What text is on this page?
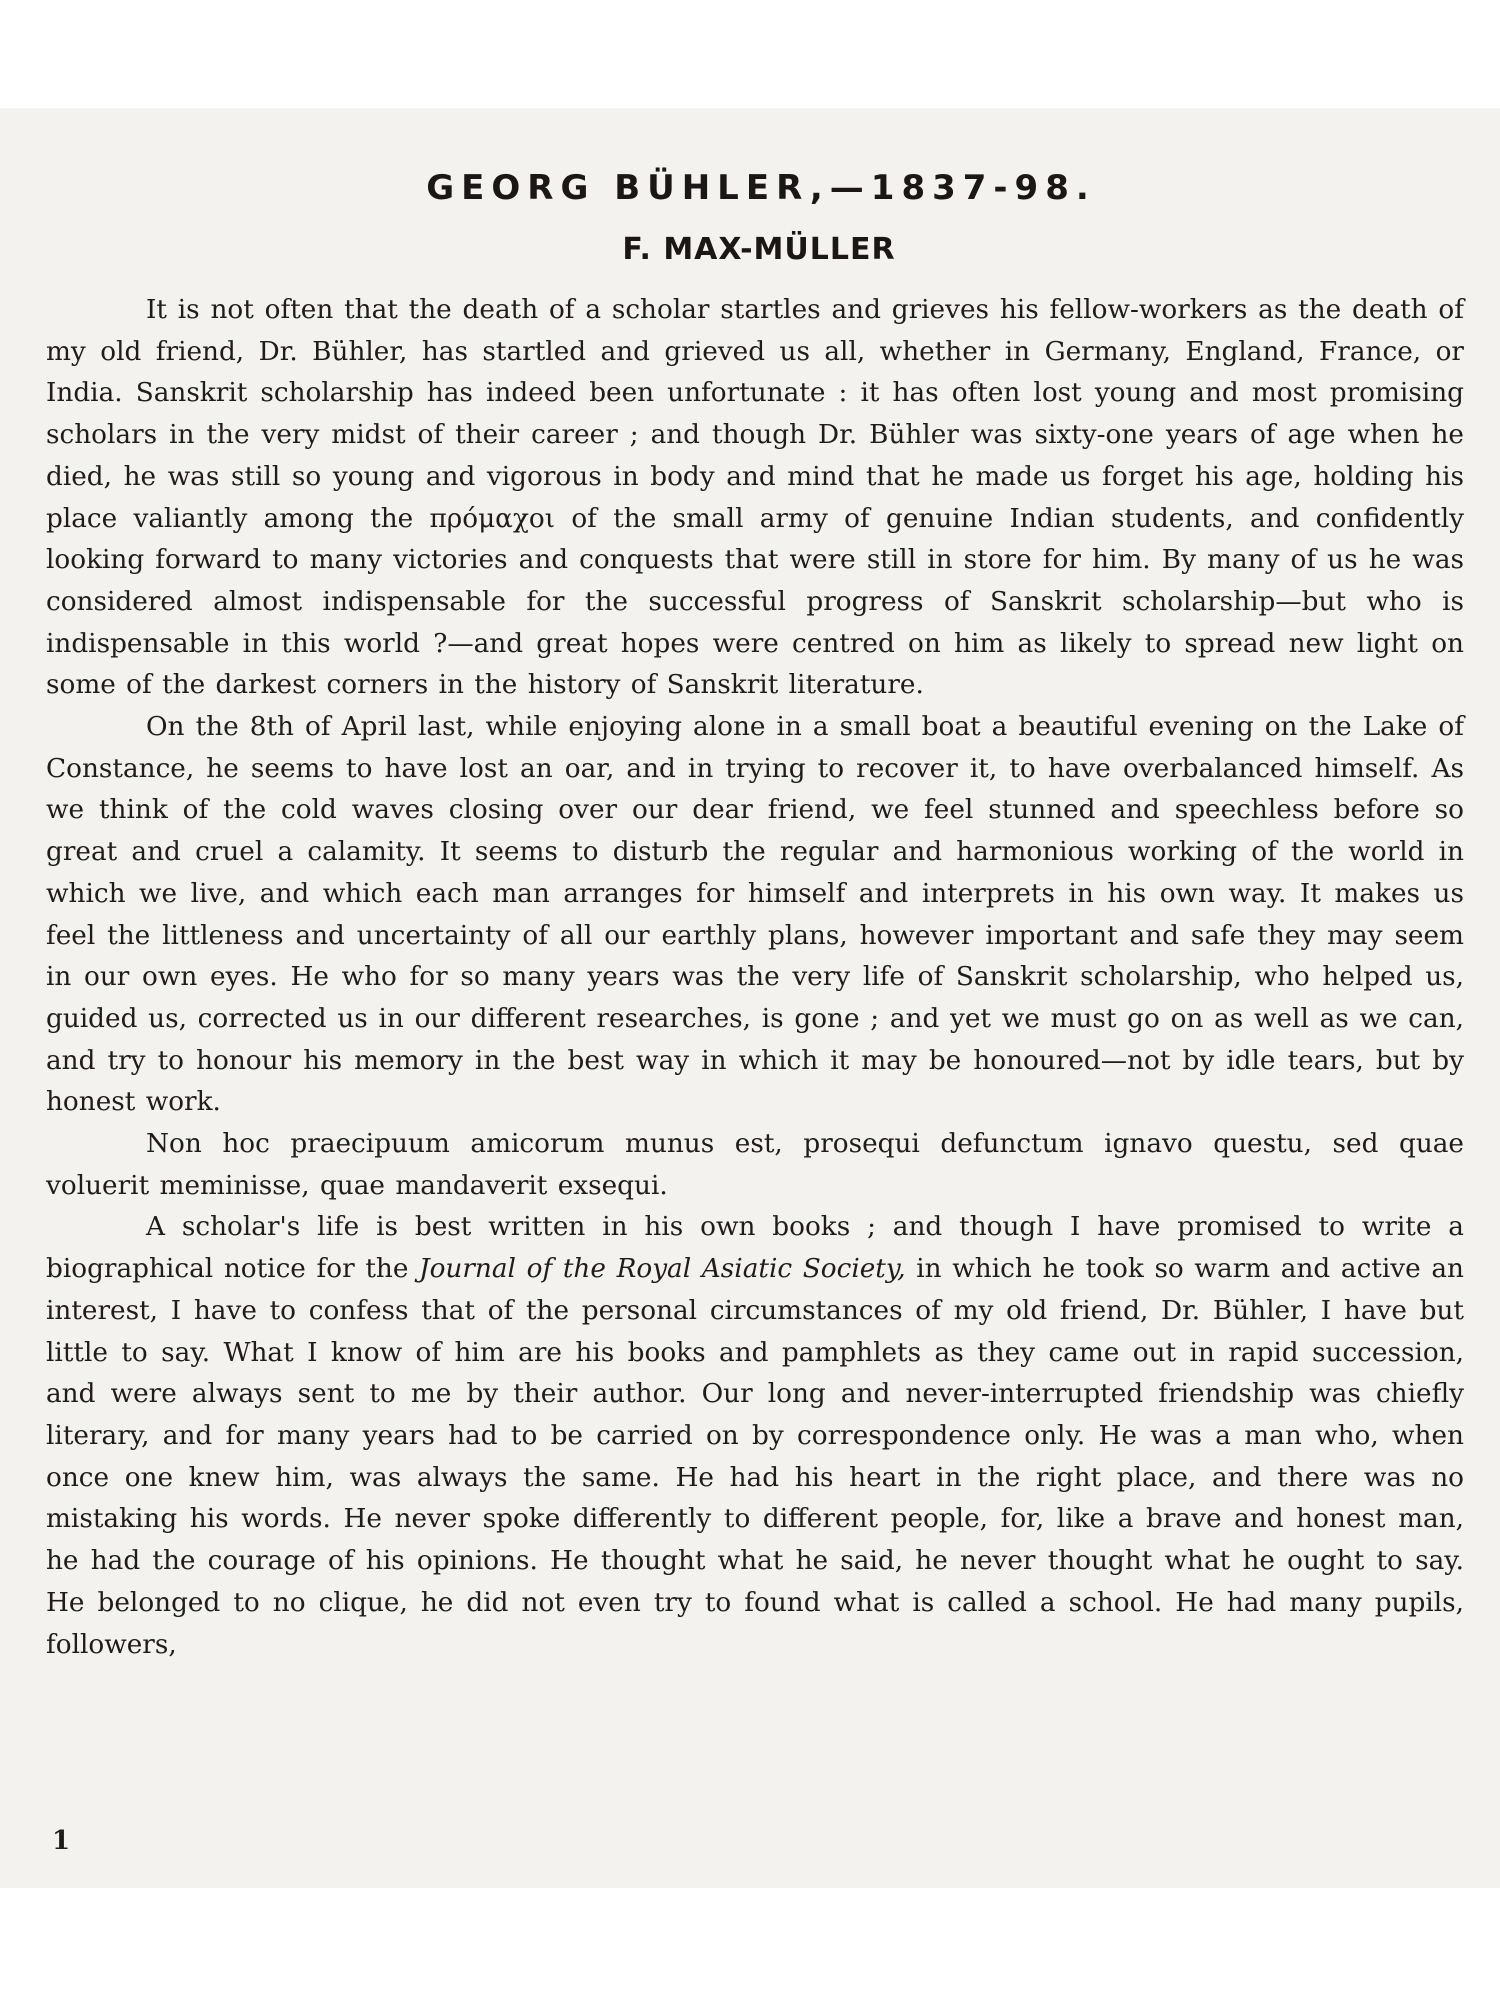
GEORG BÜHLER,—1837-98.
F. MAX-MÜLLER

It is not often that the death of a scholar startles and grieves his fellow-workers as the death of my old friend, Dr. Bühler, has startled and grieved us all, whether in Germany, England, France, or India. Sanskrit scholarship has indeed been unfortunate : it has often lost young and most promising scholars in the very midst of their career ; and though Dr. Bühler was sixty-one years of age when he died, he was still so young and vigorous in body and mind that he made us forget his age, holding his place valiantly among the πρόμαχοι of the small army of genuine Indian students, and confidently looking forward to many victories and conquests that were still in store for him. By many of us he was considered almost indispensable for the successful progress of Sanskrit scholarship—but who is indispensable in this world ?—and great hopes were centred on him as likely to spread new light on some of the darkest corners in the history of Sanskrit literature.

On the 8th of April last, while enjoying alone in a small boat a beautiful evening on the Lake of Constance, he seems to have lost an oar, and in trying to recover it, to have overbalanced himself. As we think of the cold waves closing over our dear friend, we feel stunned and speechless before so great and cruel a calamity. It seems to disturb the regular and harmonious working of the world in which we live, and which each man arranges for himself and interprets in his own way. It makes us feel the littleness and uncertainty of all our earthly plans, however important and safe they may seem in our own eyes. He who for so many years was the very life of Sanskrit scholarship, who helped us, guided us, corrected us in our different researches, is gone ; and yet we must go on as well as we can, and try to honour his memory in the best way in which it may be honoured—not by idle tears, but by honest work.

Non hoc praecipuum amicorum munus est, prosequi defunctum ignavo questu, sed quae voluerit meminisse, quae mandaverit exsequi.

A scholar's life is best written in his own books ; and though I have promised to write a biographical notice for the Journal of the Royal Asiatic Society, in which he took so warm and active an interest, I have to confess that of the personal circumstances of my old friend, Dr. Bühler, I have but little to say. What I know of him are his books and pamphlets as they came out in rapid succession, and were always sent to me by their author. Our long and never-interrupted friendship was chiefly literary, and for many years had to be carried on by correspondence only. He was a man who, when once one knew him, was always the same. He had his heart in the right place, and there was no mistaking his words. He never spoke differently to different people, for, like a brave and honest man, he had the courage of his opinions. He thought what he said, he never thought what he ought to say. He belonged to no clique, he did not even try to found what is called a school. He had many pupils, followers,

1
